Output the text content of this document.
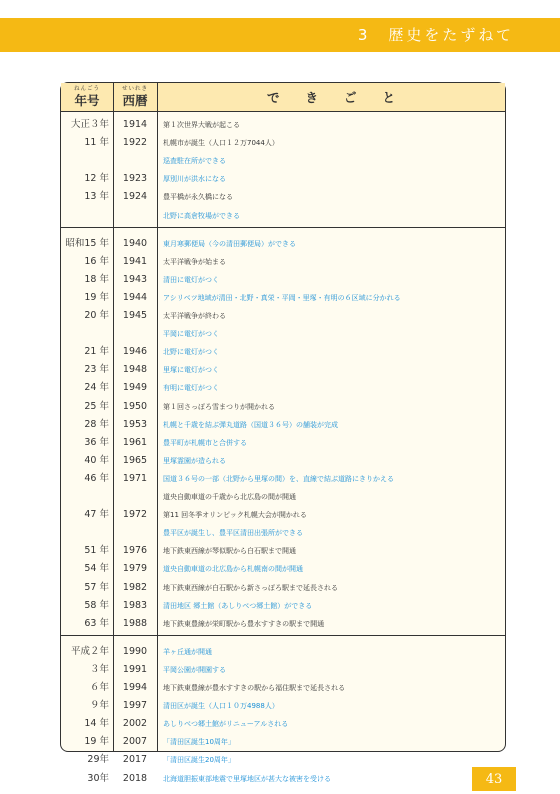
3　歴史をたずねて
ねんごう
年号
せいれき
西暦	できごと
大正３年	1914	第１次世界大戦が起こる
11 年	1922	札幌市が誕生（人口１２万7044人）
巡査駐在所ができる
12 年	1923	厚別川が洪水になる
13 年	1924	豊平橋が永久橋になる
北野に高倉牧場ができる
昭和15 年	1940	東月寒郵便局（今の清田郵便局）ができる
16 年	1941	太平洋戦争が始まる
18 年	1943	清田に電灯がつく
19 年	1944	アシリベツ地域が清田・北野・真栄・平岡・里塚・有明の６区域に分かれる
20 年	1945	太平洋戦争が終わる
平岡に電灯がつく
21 年	1946	北野に電灯がつく
23 年	1948	里塚に電灯がつく
24 年	1949	有明に電灯がつく
25 年	1950	第１回さっぽろ雪まつりが開かれる
28 年	1953	札幌と千歳を結ぶ弾丸道路（国道３６号）の舗装が完成
36 年	1961	豊平町が札幌市と合併する
40 年	1965	里塚霊園が造られる
46 年	1971	国道３６号の一部（北野から里塚の間）を、直線で結ぶ道路にきりかえる
道央自動車道の千歳から北広島の間が開通
47 年	1972	第11 回冬季オリンピック札幌大会が開かれる
豊平区が誕生し、豊平区清田出張所ができる
51 年	1976	地下鉄東西線が琴似駅から白石駅まで開通
54 年	1979	道央自動車道の北広島から札幌南の間が開通
57 年	1982	地下鉄東西線が白石駅から新さっぽろ駅まで延長される
58 年	1983	清田地区 郷土館（あしりべつ郷土館）ができる
63 年	1988	地下鉄東豊線が栄町駅から豊水すすきの駅まで開通
平成２年	1990	羊ヶ丘通が開通
３年	1991	平岡公園が開園する
６年	1994	地下鉄東豊線が豊水すすきの駅から福住駅まで延長される
９年	1997	清田区が誕生（人口１０万4988人）
14 年	2002	あしりべつ郷土館がリニューアルされる
19 年	2007	「清田区誕生10周年」
29年	2017	「清田区誕生20周年」
30年	2018	北海道胆振東部地震で里塚地区が甚大な被害を受ける	43
